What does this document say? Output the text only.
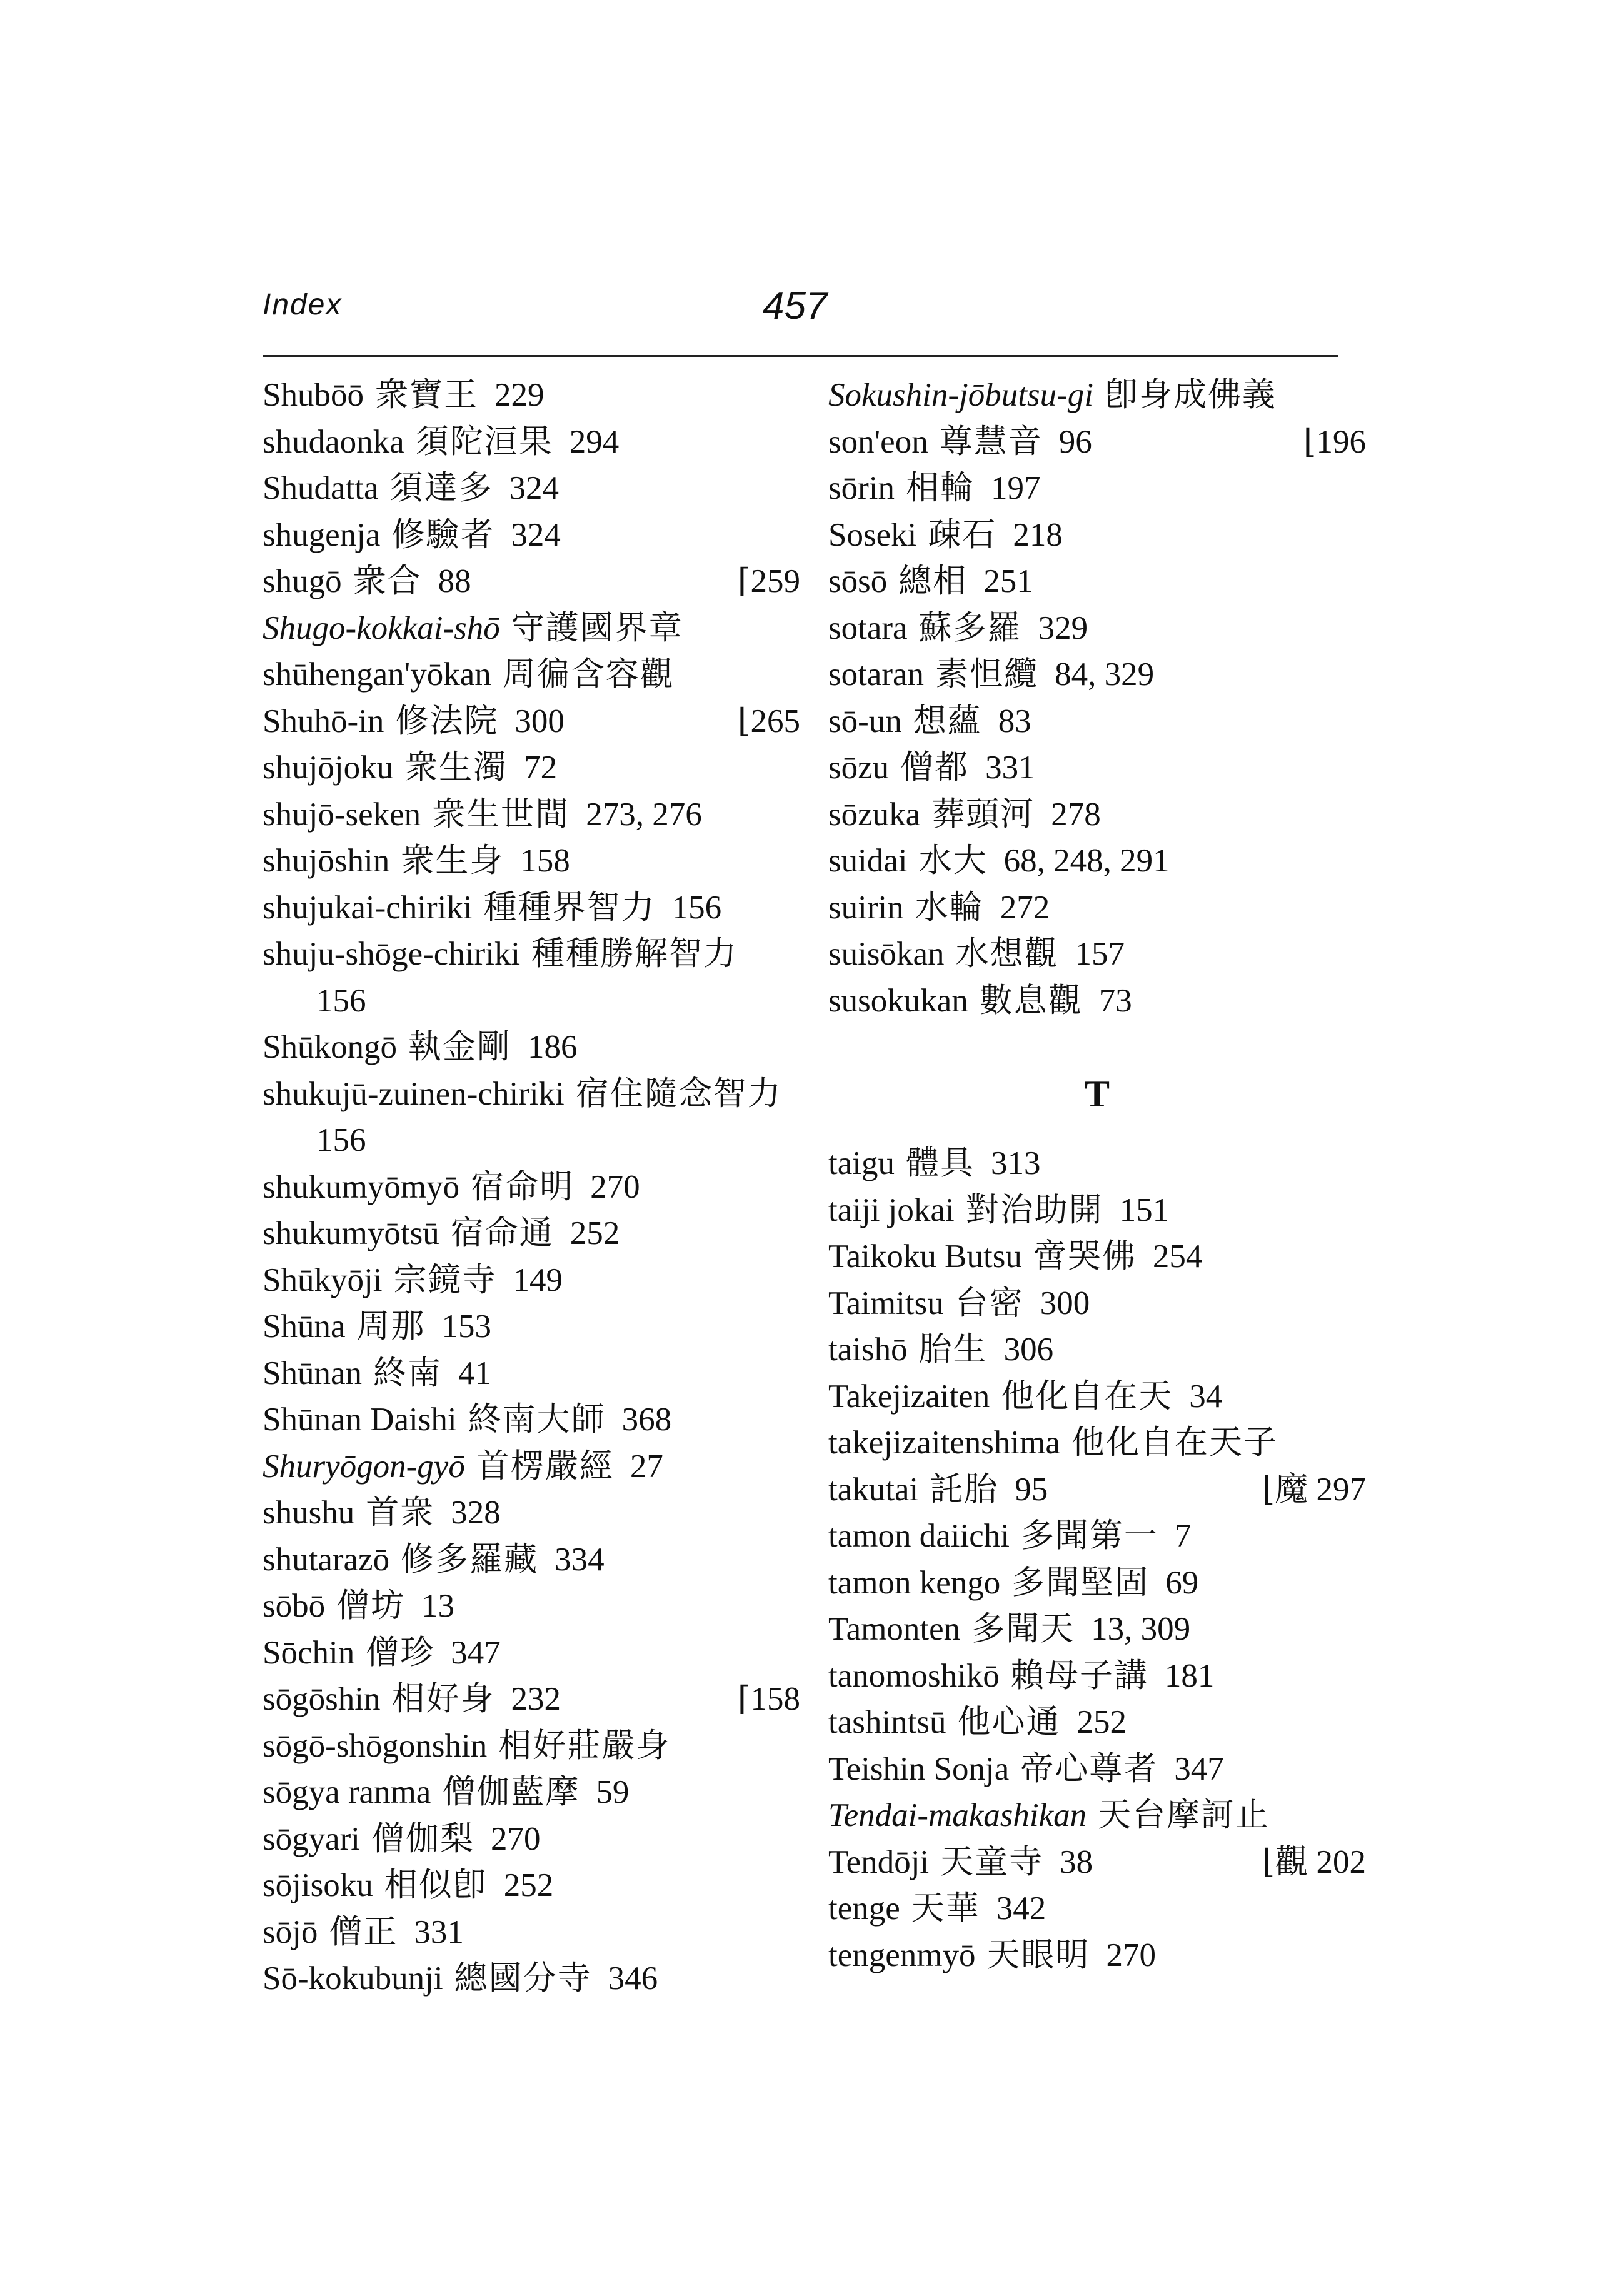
Index	457
Shubōō 衆寶王 229
shudaonka 須陀洹果 294
Shudatta 須達多 324
shugenja 修驗者 324
shugō 衆合 88	⌈259
Shugo-kokkai-shō 守護國界章
shūhengan'yōkan 周徧含容觀
Shuhō-in 修法院 300	⌊265
shujōjoku 衆生濁 72
shujō-seken 衆生世間 273, 276
shujōshin 衆生身 158
shujukai-chiriki 種種界智力 156
shuju-shōge-chiriki 種種勝解智力156
Shūkongō 執金剛 186
shukujū-zuinen-chiriki 宿住隨念智力156
shukumyōmyō 宿命明 270
shukumyōtsū 宿命通 252
Shūkyōji 宗鏡寺 149
Shūna 周那 153
Shūnan 終南 41
Shūnan Daishi 終南大師 368
Shuryōgon-gyō 首楞嚴經 27
shushu 首衆 328
shutarazō 修多羅藏 334
sōbō 僧坊 13
Sōchin 僧珍 347
sōgōshin 相好身 232	⌈158
sōgō-shōgonshin 相好莊嚴身
sōgya ranma 僧伽藍摩 59
sōgyari 僧伽梨 270
sōjisoku 相似卽 252
sōjō 僧正 331
Sō-kokubunji 總國分寺 346
Sokushin-jōbutsu-gi 卽身成佛義
son'eon 尊慧音 96	⌊196
sōrin 相輪 197
Soseki 疎石 218
sōsō 總相 251
sotara 蘇多羅 329
sotaran 素怛纜 84, 329
sō-un 想蘊 83
sōzu 僧都 331
sōzuka 葬頭河 278
suidai 水大 68, 248, 291
suirin 水輪 272
suisōkan 水想觀 157
susokukan 數息觀 73
T
taigu 體具 313
taiji jokai 對治助開 151
Taikoku Butsu 啻哭佛 254
Taimitsu 台密 300
taishō 胎生 306
Takejizaiten 他化自在天 34
takejizaitenshima 他化自在天子
takutai 託胎 95	⌊魔 297
tamon daiichi 多聞第一 7
tamon kengo 多聞堅固 69
Tamonten 多聞天 13, 309
tanomoshikō 賴母子講 181
tashintsū 他心通 252
Teishin Sonja 帝心尊者 347
Tendai-makashikan 天台摩訶止
Tendōji 天童寺 38	⌊觀 202
tenge 天華 342
tengenmyō 天眼明 270
